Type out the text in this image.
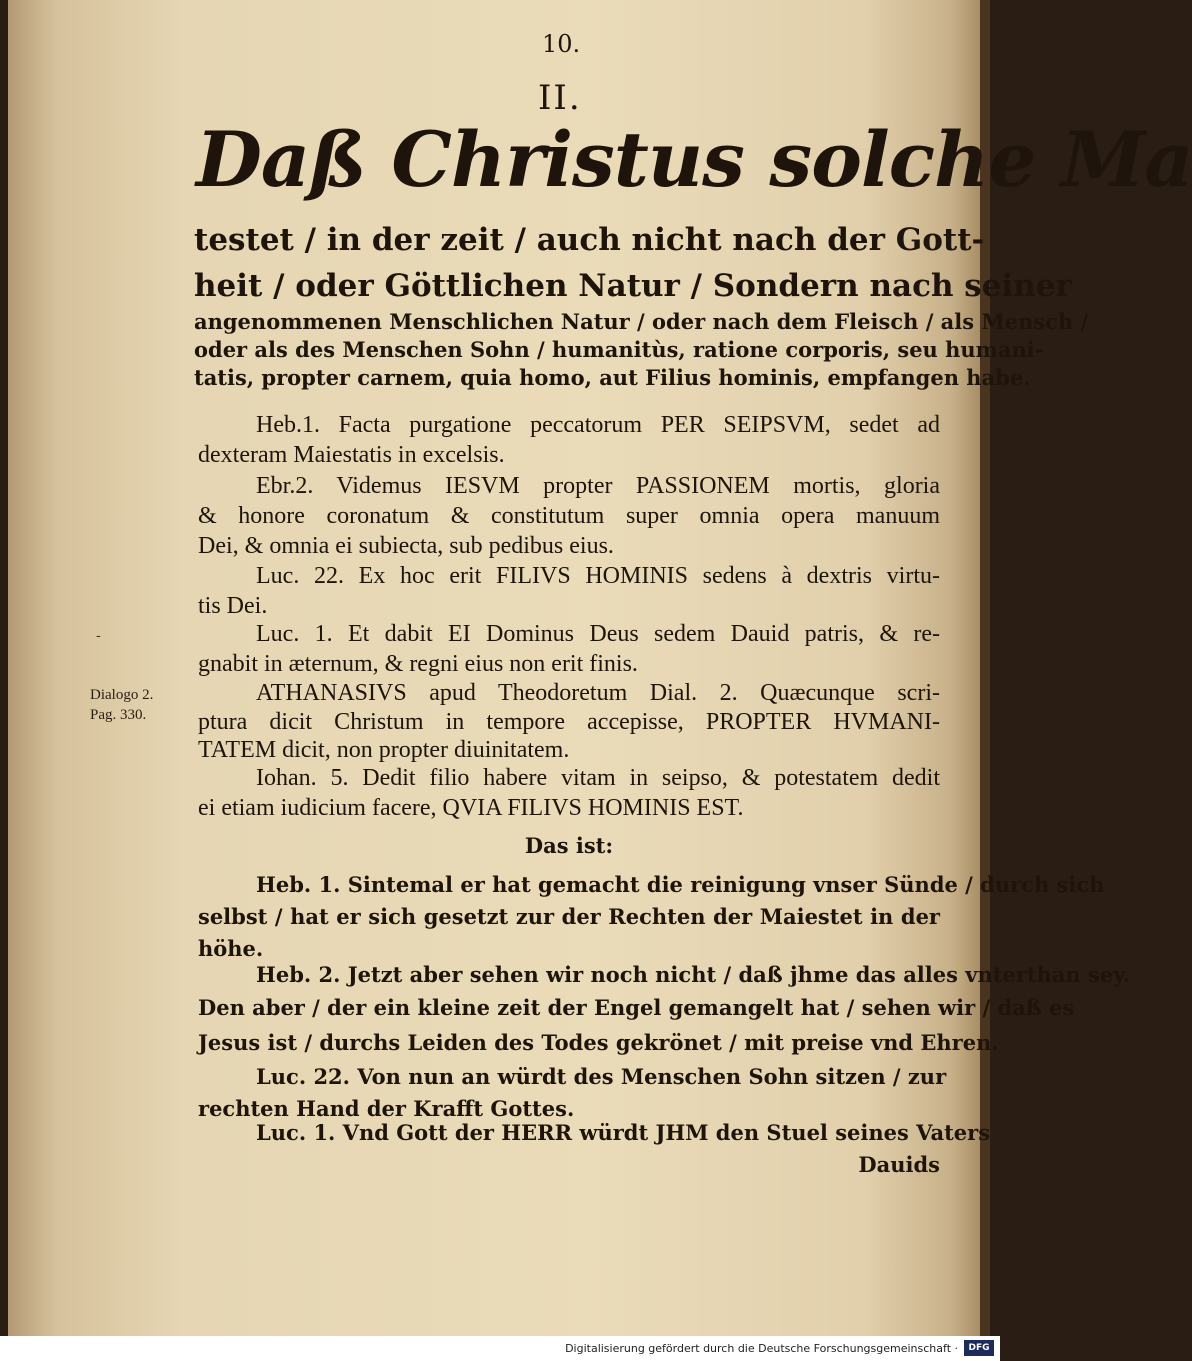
10.
II.
Daß Christus solche Ma
testet / in der zeit / auch nicht nach der Gott-
heit / oder Göttlichen Natur / Sondern nach seiner
angenommenen Menschlichen Natur / oder nach dem Fleisch / als Mensch /
oder als des Menschen Sohn / humanitùs, ratione corporis, seu humani-
tatis, propter carnem, quia homo, aut Filius hominis, empfangen habe.
Heb.1. Facta purgatione peccatorum PER SEIPSVM, sedet ad
dexteram Maiestatis in excelsis.
Ebr.2. Videmus IESVM propter PASSIONEM mortis, gloria
& honore coronatum & constitutum super omnia opera manuum
Dei, & omnia ei subiecta, sub pedibus eius.
Luc. 22. Ex hoc erit FILIVS HOMINIS sedens à dextris virtu-
tis Dei.
Luc. 1. Et dabit EI Dominus Deus sedem Dauid patris, & re-
gnabit in æternum, & regni eius non erit finis.
ATHANASIVS apud Theodoretum Dial. 2. Quæcunque scri-
ptura dicit Christum in tempore accepisse, PROPTER HVMANI-
TATEM dicit, non propter diuinitatem.
Iohan. 5. Dedit filio habere vitam in seipso, & potestatem dedit
ei etiam iudicium facere, QVIA FILIVS HOMINIS EST.
-
Dialogo 2.
Pag. 330.
Das ist:
Heb. 1. Sintemal er hat gemacht die reinigung vnser Sünde / durch sich
selbst / hat er sich gesetzt zur der Rechten der Maiestet in der
höhe.
Heb. 2. Jetzt aber sehen wir noch nicht / daß jhme das alles vnterthan sey.
Den aber / der ein kleine zeit der Engel gemangelt hat / sehen wir / daß es
Jesus ist / durchs Leiden des Todes gekrönet / mit preise vnd Ehren.
Luc. 22. Von nun an würdt des Menschen Sohn sitzen / zur
rechten Hand der Krafft Gottes.
Luc. 1. Vnd Gott der HERR würdt JHM den Stuel seines Vaters
Dauids
Digitalisierung gefördert durch die Deutsche Forschungsgemeinschaft ·	DFG
